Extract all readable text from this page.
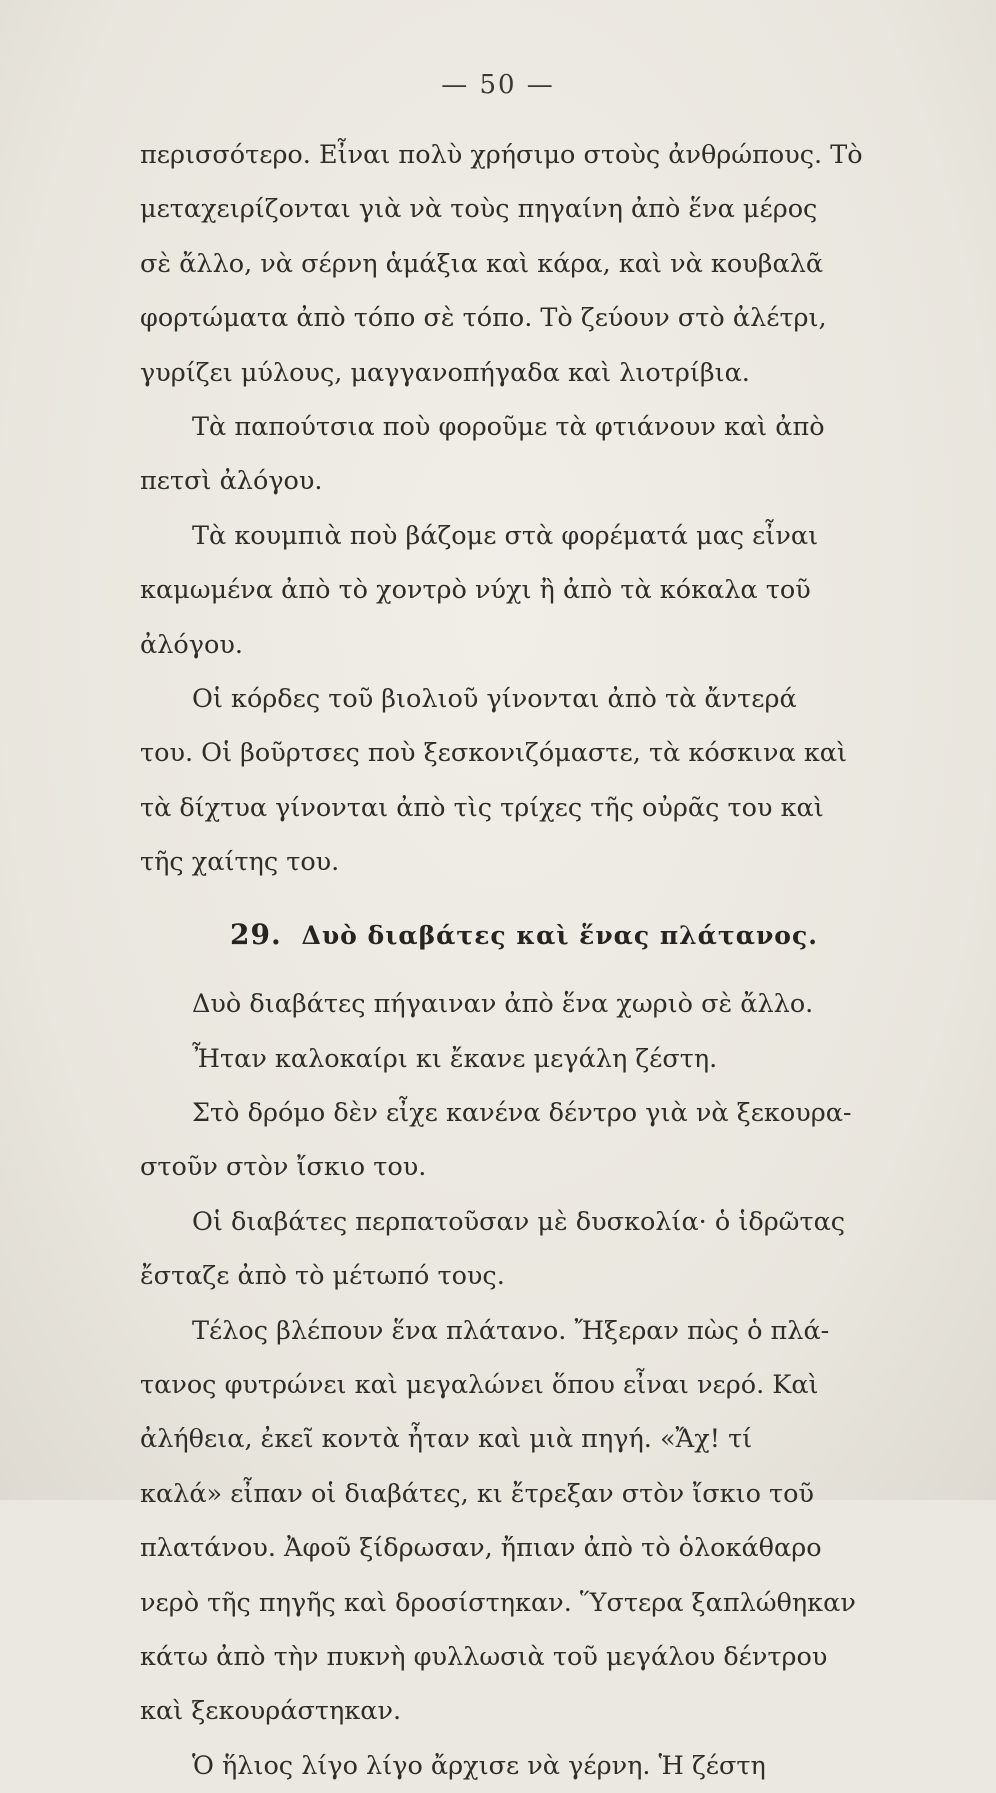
— 50 —
περισσότερο. Εἶναι πολὺ χρήσιμο στοὺς ἀνθρώπους. Τὸ
μεταχειρίζονται γιὰ νὰ τοὺς πηγαίνη ἀπὸ ἕνα μέρος
σὲ ἄλλο, νὰ σέρνη ἁμάξια καὶ κάρα, καὶ νὰ κουβαλᾶ
φορτώματα ἀπὸ τόπο σὲ τόπο. Τὸ ζεύουν στὸ ἀλέτρι,
γυρίζει μύλους, μαγγανοπήγαδα καὶ λιοτρίβια.
Τὰ παπούτσια ποὺ φοροῦμε τὰ φτιάνουν καὶ ἀπὸ
πετσὶ ἀλόγου.
Τὰ κουμπιὰ ποὺ βάζομε στὰ φορέματά μας εἶναι
καμωμένα ἀπὸ τὸ χοντρὸ νύχι ἢ ἀπὸ τὰ κόκαλα τοῦ
ἀλόγου.
Οἱ κόρδες τοῦ βιολιοῦ γίνονται ἀπὸ τὰ ἄντερά
του. Οἱ βοῦρτσες ποὺ ξεσκονιζόμαστε, τὰ κόσκινα καὶ
τὰ δίχτυα γίνονται ἀπὸ τὶς τρίχες τῆς οὐρᾶς του καὶ
τῆς χαίτης του.
29. Δυὸ διαβάτες καὶ ἕνας πλάτανος.
Δυὸ διαβάτες πήγαιναν ἀπὸ ἕνα χωριὸ σὲ ἄλλο.
Ἦταν καλοκαίρι κι ἔκανε μεγάλη ζέστη.
Στὸ δρόμο δὲν εἶχε κανένα δέντρο γιὰ νὰ ξεκουρα-
στοῦν στὸν ἴσκιο του.
Οἱ διαβάτες περπατοῦσαν μὲ δυσκολία· ὁ ἱδρῶτας
ἔσταζε ἀπὸ τὸ μέτωπό τους.
Τέλος βλέπουν ἕνα πλάτανο. Ἤξεραν πὼς ὁ πλά-
τανος φυτρώνει καὶ μεγαλώνει ὅπου εἶναι νερό. Καὶ
ἀλήθεια, ἐκεῖ κοντὰ ἦταν καὶ μιὰ πηγή. «Ἄχ! τί
καλά» εἶπαν οἱ διαβάτες, κι ἔτρεξαν στὸν ἴσκιο τοῦ
πλατάνου. Ἀφοῦ ξίδρωσαν, ἤπιαν ἀπὸ τὸ ὁλοκάθαρο
νερὸ τῆς πηγῆς καὶ δροσίστηκαν. Ὕστερα ξαπλώθηκαν
κάτω ἀπὸ τὴν πυκνὴ φυλλωσιὰ τοῦ μεγάλου δέντρου
καὶ ξεκουράστηκαν.
Ὁ ἥλιος λίγο λίγο ἄρχισε νὰ γέρνη. Ἡ ζέστη
